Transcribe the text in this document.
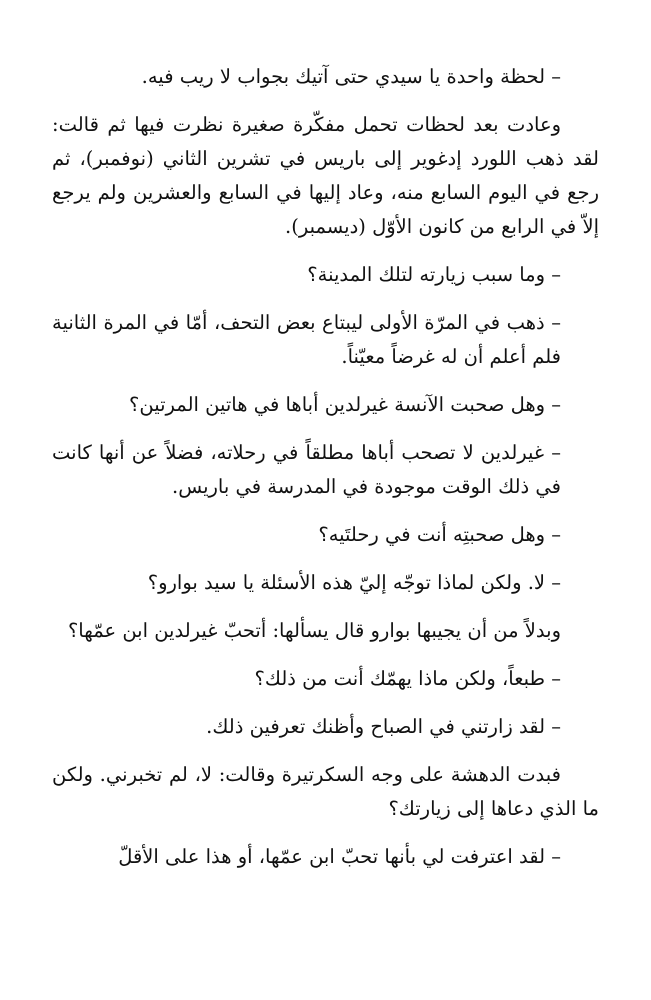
– لحظة واحدة يا سيدي حتى آتيك بجواب لا ريب فيه.

وعادت بعد لحظات تحمل مفكّرة صغيرة نظرت فيها ثم قالت: لقد ذهب اللورد إدغوير إلى باريس في تشرين الثاني (نوفمبر)، ثم رجع في اليوم السابع منه، وعاد إليها في السابع والعشرين ولم يرجع إلاّ في الرابع من كانون الأوّل (ديسمبر).

– وما سبب زيارته لتلك المدينة؟

– ذهب في المرّة الأولى ليبتاع بعض التحف، أمّا في المرة الثانية فلم أعلم أن له غرضاً معيّناً.

– وهل صحبت الآنسة غيرلدين أباها في هاتين المرتين؟

– غيرلدين لا تصحب أباها مطلقاً في رحلاته، فضلاً عن أنها كانت في ذلك الوقت موجودة في المدرسة في باريس.

– وهل صحبتِه أنت في رحلتَيه؟

– لا. ولكن لماذا توجّه إليّ هذه الأسئلة يا سيد بوارو؟

وبدلاً من أن يجيبها بوارو قال يسألها: أتحبّ غيرلدين ابن عمّها؟

– طبعاً، ولكن ماذا يهمّك أنت من ذلك؟

– لقد زارتني في الصباح وأظنك تعرفين ذلك.

فبدت الدهشة على وجه السكرتيرة وقالت: لا، لم تخبرني. ولكن ما الذي دعاها إلى زيارتك؟

– لقد اعترفت لي بأنها تحبّ ابن عمّها، أو هذا على الأقلّ
